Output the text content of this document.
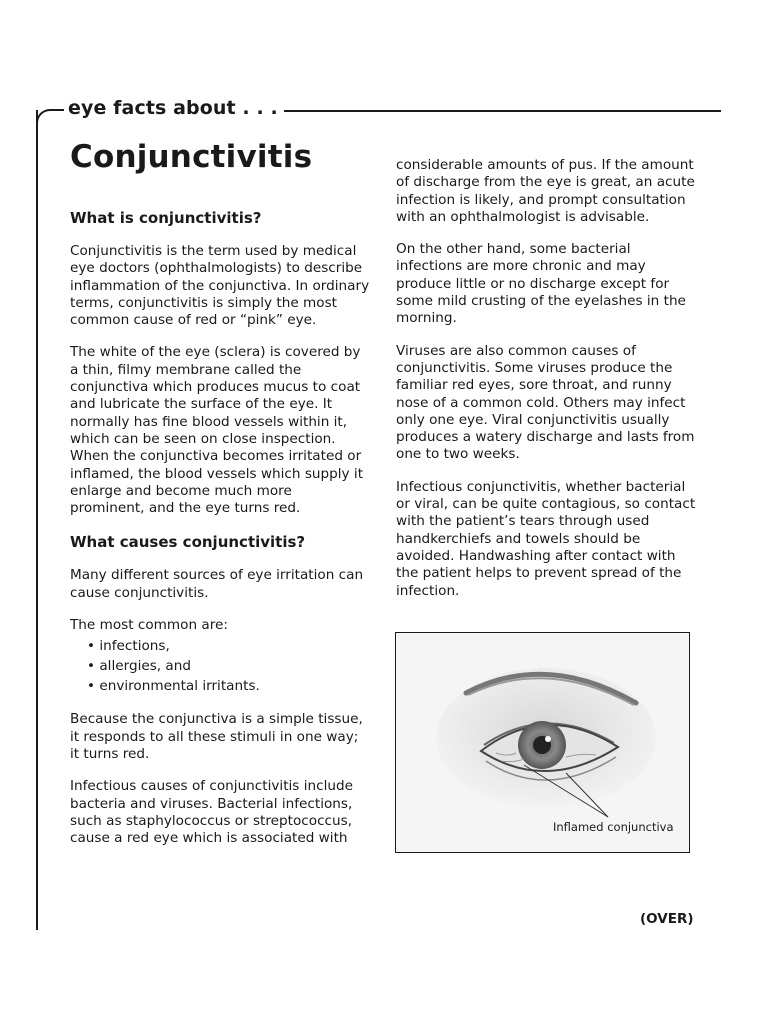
eye facts about . . .
Conjunctivitis
What is conjunctivitis?

Conjunctivitis is the term used by medical eye doctors (ophthalmologists) to describe inflammation of the conjunctiva. In ordinary terms, conjunctivitis is simply the most common cause of red or “pink” eye.

The white of the eye (sclera) is covered by a thin, filmy membrane called the conjunctiva which produces mucus to coat and lubricate the surface of the eye. It normally has fine blood vessels within it, which can be seen on close inspection. When the conjunctiva becomes irritated or inflamed, the blood vessels which supply it enlarge and become much more prominent, and the eye turns red.

What causes conjunctivitis?

Many different sources of eye irritation can cause conjunctivitis.

The most common are:

• infections,
• allergies, and
• environmental irritants.

Because the conjunctiva is a simple tissue, it responds to all these stimuli in one way; it turns red.

Infectious causes of conjunctivitis include bacteria and viruses. Bacterial infections, such as staphylococcus or streptococcus, cause a red eye which is associated with

considerable amounts of pus. If the amount of discharge from the eye is great, an acute infection is likely, and prompt consultation with an ophthalmologist is advisable.

On the other hand, some bacterial infections are more chronic and may produce little or no discharge except for some mild crusting of the eyelashes in the morning.

Viruses are also common causes of conjunctivitis. Some viruses produce the familiar red eyes, sore throat, and runny nose of a common cold. Others may infect only one eye. Viral conjunctivitis usually produces a watery discharge and lasts from one to two weeks.

Infectious conjunctivitis, whether bacterial or viral, can be quite contagious, so contact with the patient’s tears through used handkerchiefs and towels should be avoided. Handwashing after contact with the patient helps to prevent spread of the infection.

Inflamed conjunctiva
(OVER)
